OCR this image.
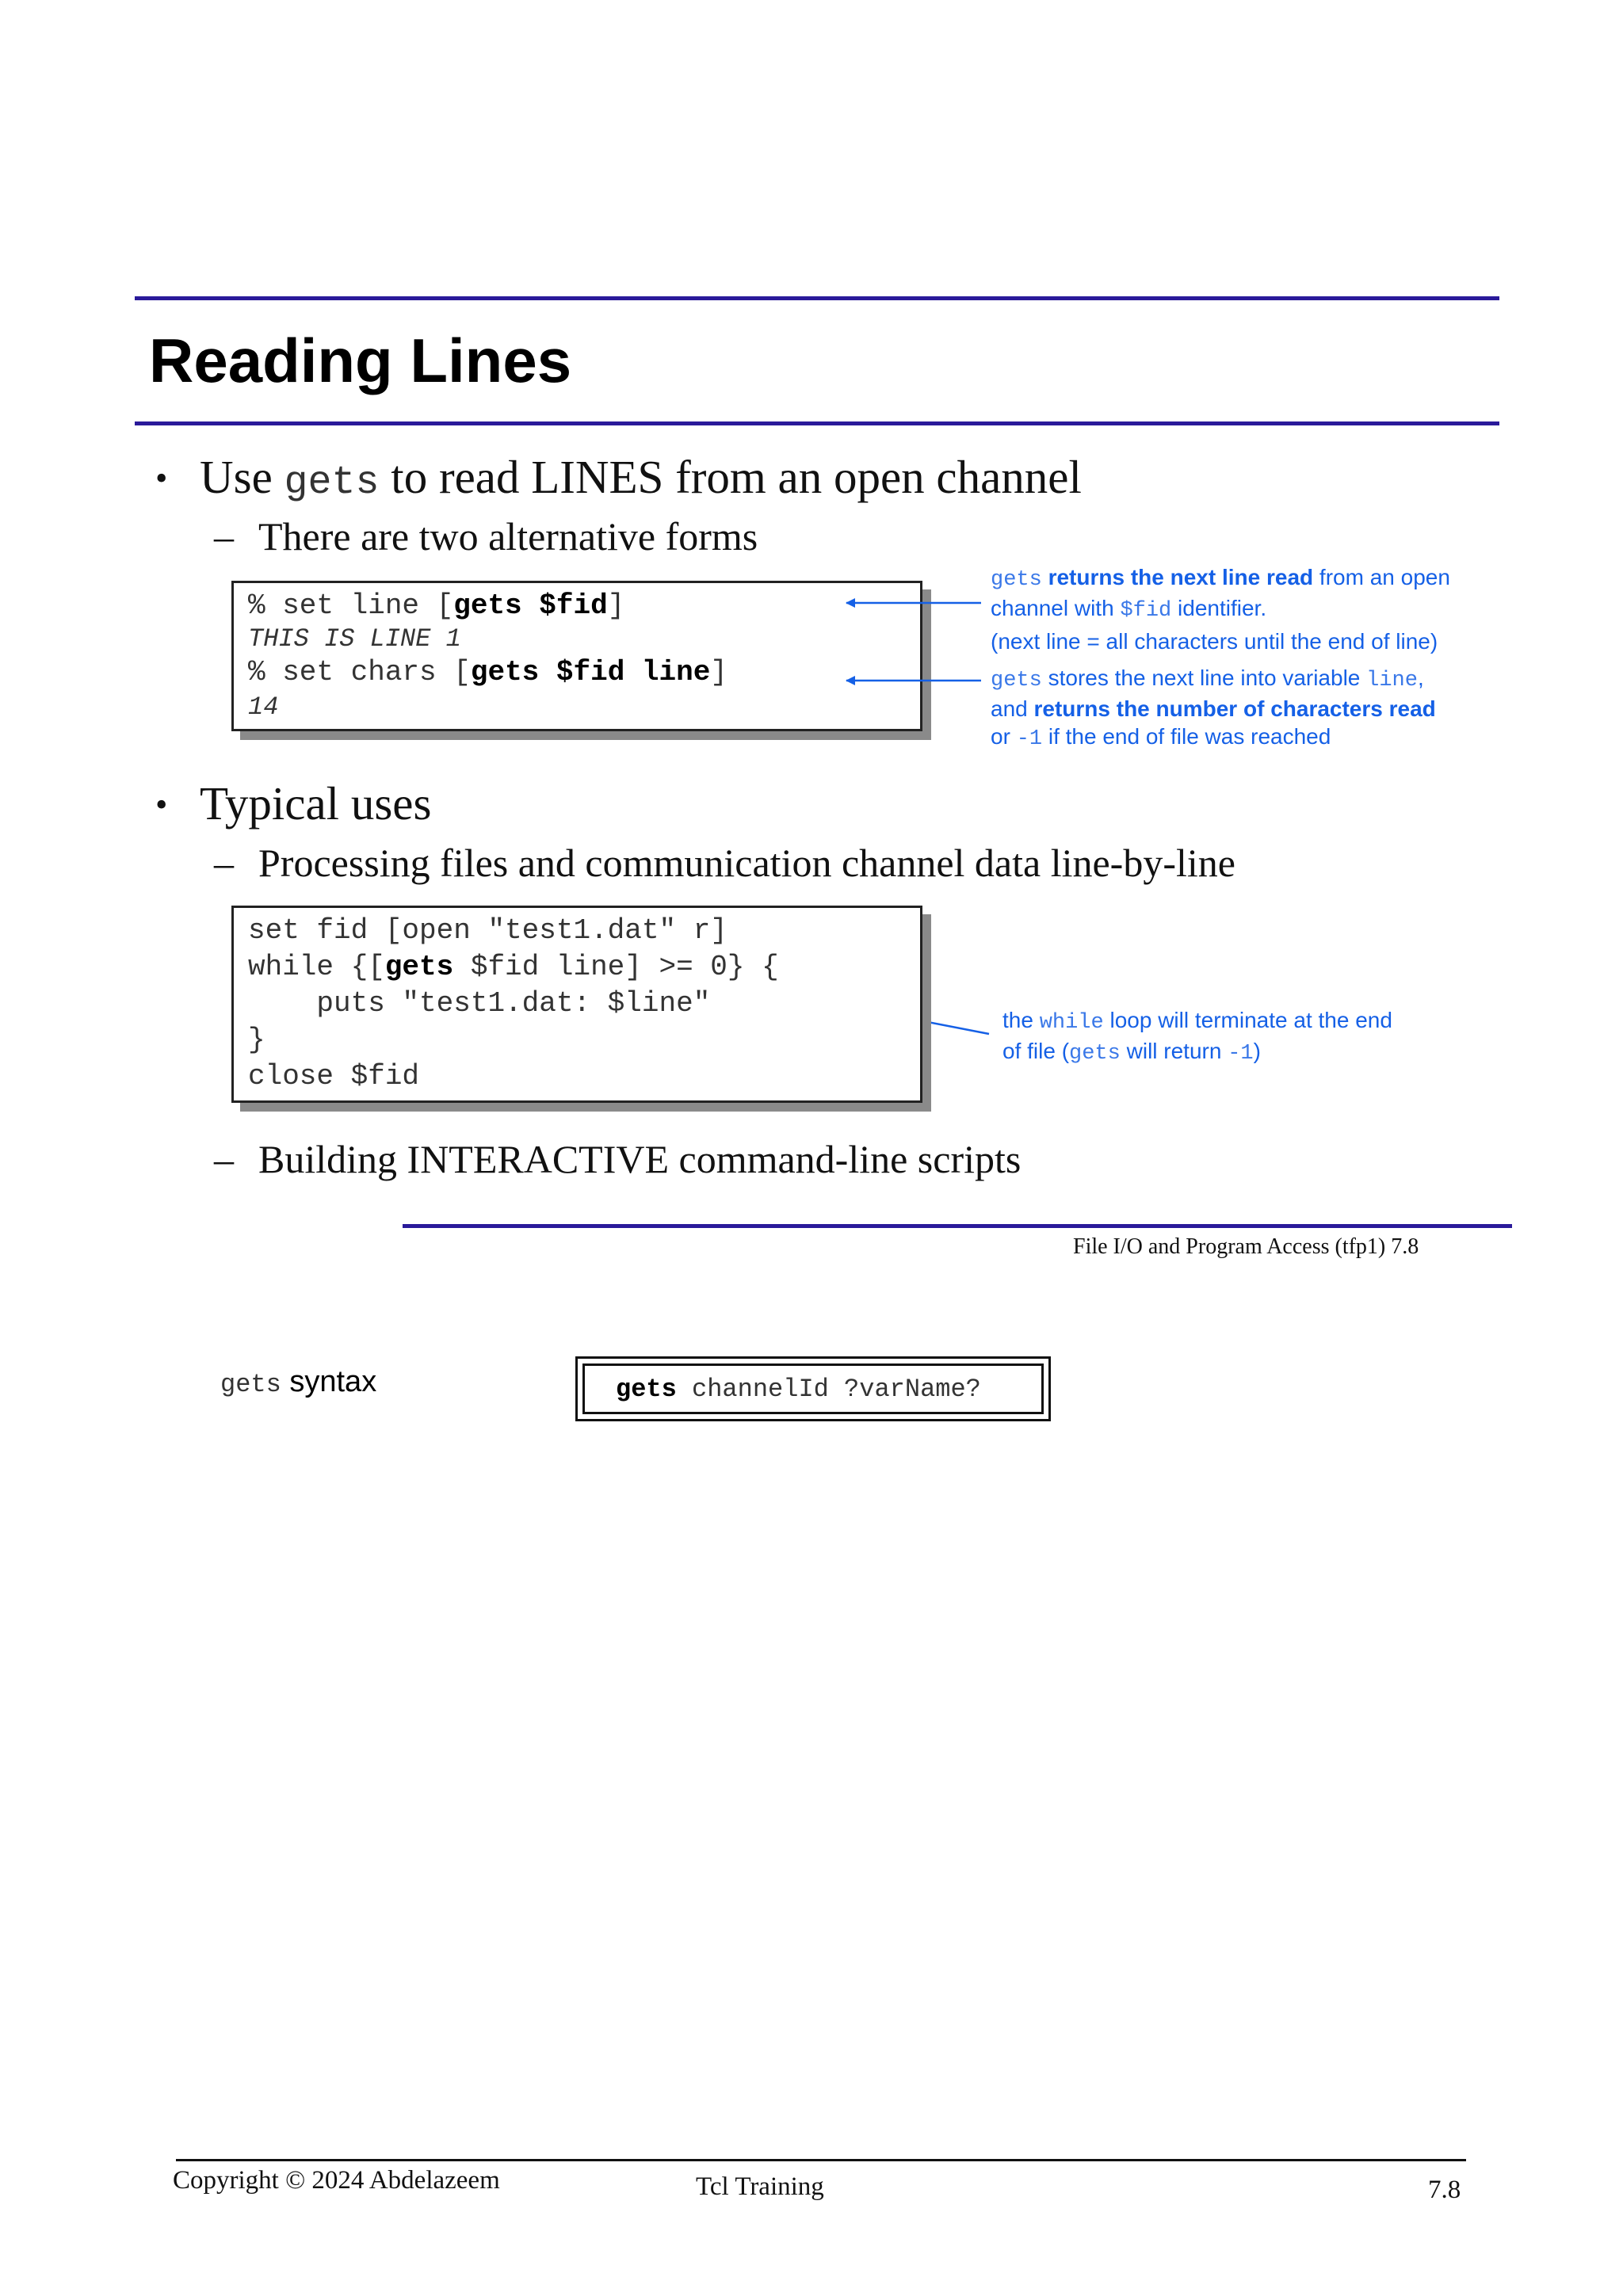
Reading Lines
• Use gets to read LINES from an open channel
– There are two alternative forms
% set line [gets $fid]
THIS IS LINE 1
% set chars [gets $fid line]
14
gets returns the next line read from an open
channel with $fid identifier.
(next line = all characters until the end of line)
gets stores the next line into variable line,
and returns the number of characters read
or -1 if the end of file was reached
• Typical uses
– Processing files and communication channel data line-by-line
set fid [open "test1.dat" r]
while {[gets $fid line] >= 0} {
puts "test1.dat: $line"
}
close $fid
the while loop will terminate at the end
of file (gets will return -1)
– Building INTERACTIVE command-line scripts
File I/O and Program Access (tfp1) 7.8
gets syntax	gets channelId ?varName?
Copyright © 2024 Abdelazeem	Tcl Training	7.8
